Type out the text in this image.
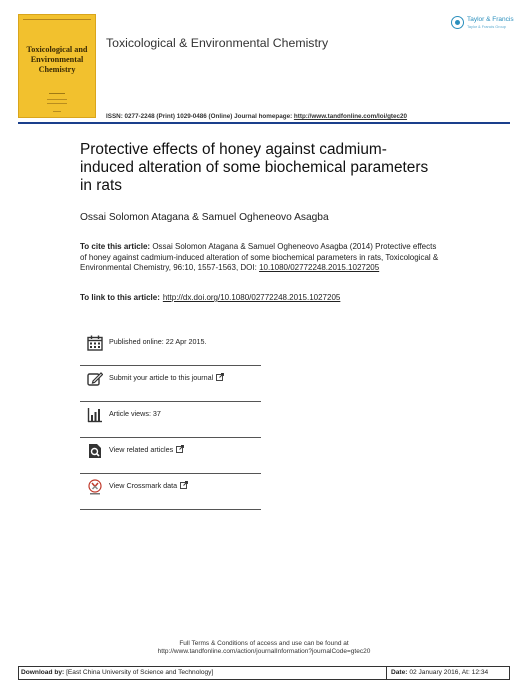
Toxicological and Environmental Chemistry
Toxicological & Environmental Chemistry
Taylor & Francis
Taylor & Francis Group
ISSN: 0277-2248 (Print) 1029-0486 (Online) Journal homepage: http://www.tandfonline.com/loi/gtec20
Protective effects of honey against cadmium-induced alteration of some biochemical parameters in rats
Ossai Solomon Atagana & Samuel Ogheneovo Asagba
To cite this article: Ossai Solomon Atagana & Samuel Ogheneovo Asagba (2014) Protective effects of honey against cadmium-induced alteration of some biochemical parameters in rats, Toxicological & Environmental Chemistry, 96:10, 1557-1563, DOI: 10.1080/02772248.2015.1027205
To link to this article: http://dx.doi.org/10.1080/02772248.2015.1027205
Published online: 22 Apr 2015.
Submit your article to this journal
Article views: 37
View related articles
View Crossmark data
Full Terms & Conditions of access and use can be found at
http://www.tandfonline.com/action/journalInformation?journalCode=gtec20
Download by: [East China University of Science and Technology]	Date: 02 January 2016, At: 12:34
